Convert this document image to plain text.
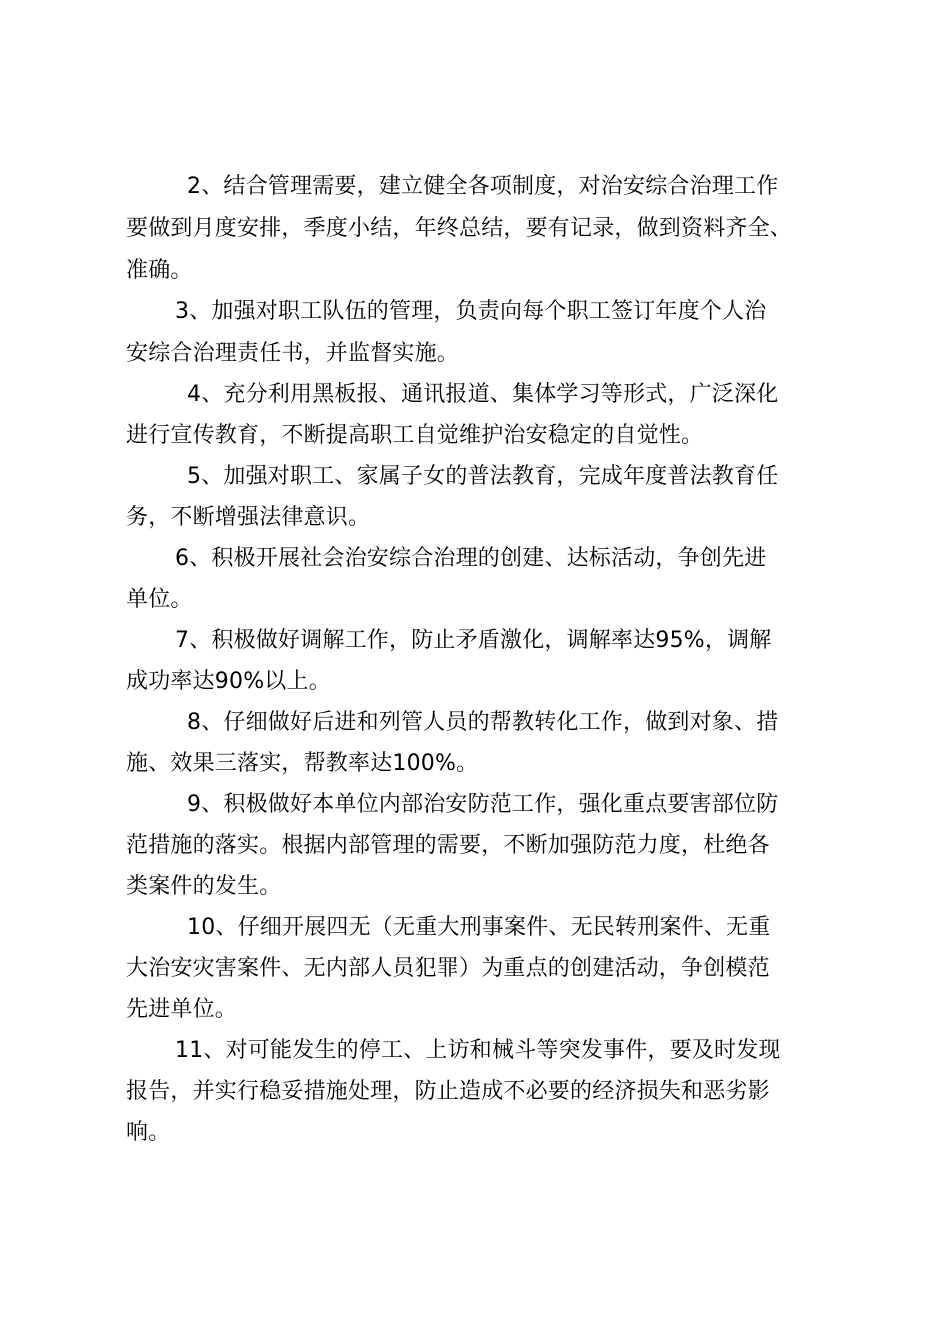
2、结合管理需要，建立健全各项制度，对治安综合治理工作
要做到月度安排，季度小结，年终总结，要有记录，做到资料齐全、
准确。
3、加强对职工队伍的管理，负责向每个职工签订年度个人治
安综合治理责任书，并监督实施。
4、充分利用黑板报、通讯报道、集体学习等形式，广泛深化
进行宣传教育，不断提高职工自觉维护治安稳定的自觉性。
5、加强对职工、家属子女的普法教育，完成年度普法教育任
务，不断增强法律意识。
6、积极开展社会治安综合治理的创建、达标活动，争创先进
单位。
7、积极做好调解工作，防止矛盾激化，调解率达95%，调解
成功率达90%以上。
8、仔细做好后进和列管人员的帮教转化工作，做到对象、措
施、效果三落实，帮教率达100%。
9、积极做好本单位内部治安防范工作，强化重点要害部位防
范措施的落实。根据内部管理的需要，不断加强防范力度，杜绝各
类案件的发生。
10、仔细开展四无（无重大刑事案件、无民转刑案件、无重
大治安灾害案件、无内部人员犯罪）为重点的创建活动，争创模范
先进单位。
11、对可能发生的停工、上访和械斗等突发事件，要及时发现
报告，并实行稳妥措施处理，防止造成不必要的经济损失和恶劣影
响。
